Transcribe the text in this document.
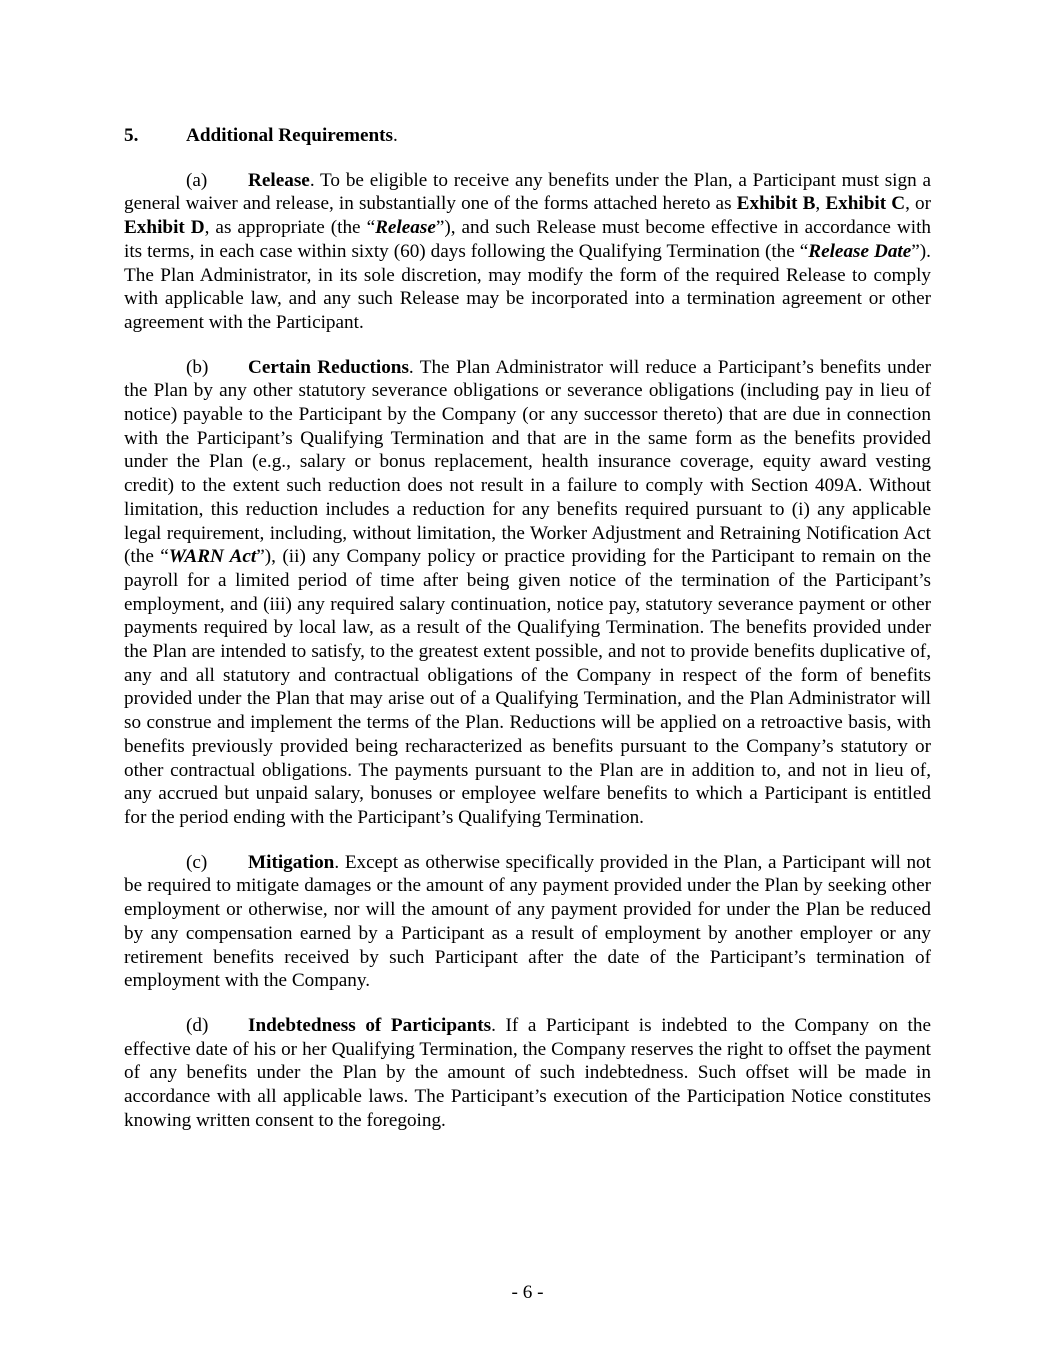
5. Additional Requirements.

(a) Release. To be eligible to receive any benefits under the Plan, a Participant must sign a general waiver and release, in substantially one of the forms attached hereto as Exhibit B, Exhibit C, or Exhibit D, as appropriate (the “Release”), and such Release must become effective in accordance with its terms, in each case within sixty (60) days following the Qualifying Termination (the “Release Date”). The Plan Administrator, in its sole discretion, may modify the form of the required Release to comply with applicable law, and any such Release may be incorporated into a termination agreement or other agreement with the Participant.

(b) Certain Reductions. The Plan Administrator will reduce a Participant’s benefits under the Plan by any other statutory severance obligations or severance obligations (including pay in lieu of notice) payable to the Participant by the Company (or any successor thereto) that are due in connection with the Participant’s Qualifying Termination and that are in the same form as the benefits provided under the Plan (e.g., salary or bonus replacement, health insurance coverage, equity award vesting credit) to the extent such reduction does not result in a failure to comply with Section 409A. Without limitation, this reduction includes a reduction for any benefits required pursuant to (i) any applicable legal requirement, including, without limitation, the Worker Adjustment and Retraining Notification Act (the “WARN Act”), (ii) any Company policy or practice providing for the Participant to remain on the payroll for a limited period of time after being given notice of the termination of the Participant’s employment, and (iii) any required salary continuation, notice pay, statutory severance payment or other payments required by local law, as a result of the Qualifying Termination. The benefits provided under the Plan are intended to satisfy, to the greatest extent possible, and not to provide benefits duplicative of, any and all statutory and contractual obligations of the Company in respect of the form of benefits provided under the Plan that may arise out of a Qualifying Termination, and the Plan Administrator will so construe and implement the terms of the Plan. Reductions will be applied on a retroactive basis, with benefits previously provided being recharacterized as benefits pursuant to the Company’s statutory or other contractual obligations. The payments pursuant to the Plan are in addition to, and not in lieu of, any accrued but unpaid salary, bonuses or employee welfare benefits to which a Participant is entitled for the period ending with the Participant’s Qualifying Termination.

(c) Mitigation. Except as otherwise specifically provided in the Plan, a Participant will not be required to mitigate damages or the amount of any payment provided under the Plan by seeking other employment or otherwise, nor will the amount of any payment provided for under the Plan be reduced by any compensation earned by a Participant as a result of employment by another employer or any retirement benefits received by such Participant after the date of the Participant’s termination of employment with the Company.

(d) Indebtedness of Participants. If a Participant is indebted to the Company on the effective date of his or her Qualifying Termination, the Company reserves the right to offset the payment of any benefits under the Plan by the amount of such indebtedness. Such offset will be made in accordance with all applicable laws. The Participant’s execution of the Participation Notice constitutes knowing written consent to the foregoing.

- 6 -
